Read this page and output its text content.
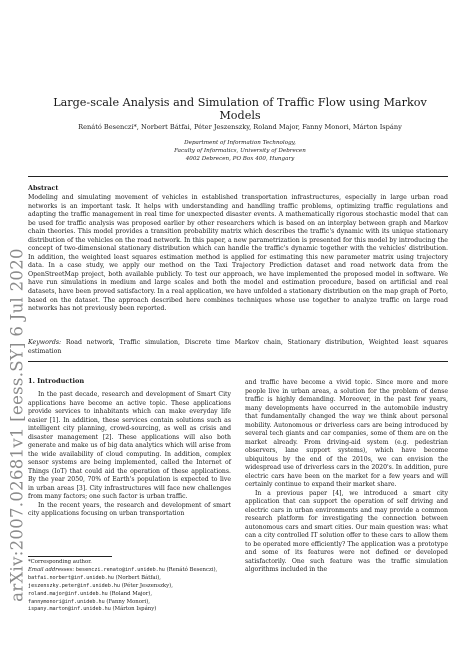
arXiv:2007.02681v1 [eess.SY] 6 Jul 2020
Large-scale Analysis and Simulation of Traffic Flow using Markov Models
Renátó Besenczi*, Norbert Bátfai, Péter Jeszenszky, Roland Major, Fanny Monori, Márton Ispány
Department of Information Technology,
Faculty of Informatics, University of Debrecen
4002 Debrecen, PO Box 400, Hungary
Abstract

Modeling and simulating movement of vehicles in established transportation infrastructures, especially in large urban road networks is an important task. It helps with understanding and handling traffic problems, optimizing traffic regulations and adapting the traffic management in real time for unexpected disaster events. A mathematically rigorous stochastic model that can be used for traffic analysis was proposed earlier by other researchers which is based on an interplay between graph and Markov chain theories. This model provides a transition probability matrix which describes the traffic's dynamic with its unique stationary distribution of the vehicles on the road network. In this paper, a new parametrization is presented for this model by introducing the concept of two-dimensional stationary distribution which can handle the traffic's dynamic together with the vehicles' distribution. In addition, the weighted least squares estimation method is applied for estimating this new parameter matrix using trajectory data. In a case study, we apply our method on the Taxi Trajectory Prediction dataset and road network data from the OpenStreetMap project, both available publicly. To test our approach, we have implemented the proposed model in software. We have run simulations in medium and large scales and both the model and estimation procedure, based on artificial and real datasets, have been proved satisfactory. In a real application, we have unfolded a stationary distribution on the map graph of Porto, based on the dataset. The approach described here combines techniques whose use together to analyze traffic on large road networks has not previously been reported.

Keywords: Road network, Traffic simulation, Discrete time Markov chain, Stationary distribution, Weighted least squares estimation

1. Introduction

In the past decade, research and development of Smart City applications have become an active topic. These applications provide services to inhabitants which can make everyday life easier [1]. In addition, these services contain solutions such as intelligent city planning, crowd-sourcing, as well as crisis and disaster management [2]. These applications will also both generate and make us of big data analytics which will arise from the wide availability of cloud computing. In addition, complex sensor systems are being implemented, called the Internet of Things (IoT) that could aid the operation of these applications. By the year 2050, 70% of Earth's population is expected to live in urban areas [3]. City infrastructures will face new challenges from many factors; one such factor is urban traffic.

In the recent years, the research and development of smart city applications focusing on urban transportation

and traffic have become a vivid topic. Since more and more people live in urban areas, a solution for the problem of dense traffic is highly demanding. Moreover, in the past few years, many developments have occurred in the automobile industry that fundamentally changed the way we think about personal mobility. Autonomous or driverless cars are being introduced by several tech giants and car companies, some of them are on the market already. From driving-aid system (e.g. pedestrian observers, lane support systems), which have become ubiquitous by the end of the 2010s, we can envision the widespread use of driverless cars in the 2020's. In addition, pure electric cars have been on the market for a few years and will certainly continue to expand their market share.

In a previous paper [4], we introduced a smart city application that can support the operation of self driving and electric cars in urban environments and may provide a common research platform for investigating the connection between autonomous cars and smart cities. Our main question was: what can a city controlled IT solution offer to these cars to allow them to be operated more efficiently? The application was a prototype and some of its features were not defined or developed satisfactorily. One such feature was the traffic simulation algorithms included in the

*Corresponding author.
Email addresses: besenczi.renato@inf.unideb.hu (Renátó Besenczi),
batfai.norbert@inf.unideb.hu (Norbert Bátfai),
jeszenszky.peter@inf.unideb.hu (Péter Jeszenszky),
roland.major@inf.unideb.hu (Roland Major),
fannymonori@inf.unideb.hu (Fanny Monori),
ispany.marton@inf.unideb.hu (Márton Ispány)
